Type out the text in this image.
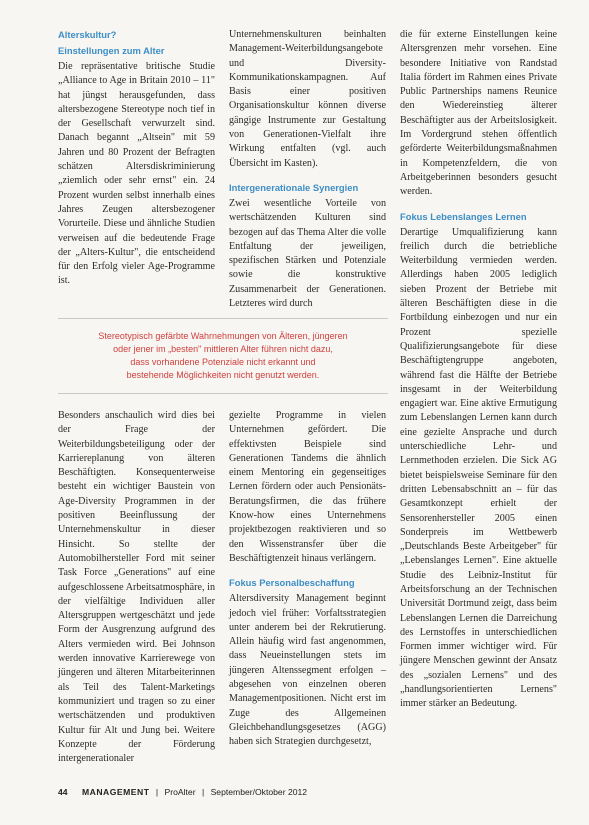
Alterskultur?
Einstellungen zum Alter

Die repräsentative britische Studie „Alliance to Age in Britain 2010 – 11" hat jüngst herausgefunden, dass altersbezogene Stereotype noch tief in der Gesellschaft verwurzelt sind. Danach begannt „Altsein" mit 59 Jahren und 80 Prozent der Befragten schätzen Altersdiskriminierung „ziemlich oder sehr ernst" ein. 24 Prozent wurden selbst innerhalb eines Jahres Zeugen altersbezogener Vorurteile. Diese und ähnliche Studien verweisen auf die bedeutende Frage der „Alters-Kultur", die entscheidend für den Erfolg vieler Age-Programme ist.

Unternehmenskulturen beinhalten Management-Weiterbildungsangebote und Diversity-Kommunikationskampagnen. Auf Basis einer positiven Organisationskultur können diverse gängige Instrumente zur Gestaltung von Generationen-Vielfalt ihre Wirkung entfalten (vgl. auch Übersicht im Kasten).

Intergenerationale Synergien

Zwei wesentliche Vorteile von wertschätzenden Kulturen sind bezogen auf das Thema Alter die volle Entfaltung der jeweiligen, spezifischen Stärken und Potenziale sowie die konstruktive Zusammenarbeit der Generationen. Letzteres wird durch

Stereotypisch gefärbte Wahrnehmungen von Älteren, jüngeren
oder jener im „besten" mittleren Alter führen nicht dazu,
dass vorhandene Potenziale nicht erkannt und
bestehende Möglichkeiten nicht genutzt werden.

Besonders anschaulich wird dies bei der Frage der Weiterbildungsbeteiligung oder der Karriereplanung von älteren Beschäftigten. Konsequenterweise besteht ein wichtiger Baustein von Age-Diversity Programmen in der positiven Beeinflussung der Unternehmenskultur in dieser Hinsicht. So stellte der Automobilhersteller Ford mit seiner Task Force „Generations" auf eine aufgeschlossene Arbeitsatmosphäre, in der vielfältige Individuen aller Altersgruppen wertgeschätzt und jede Form der Ausgrenzung aufgrund des Alters vermieden wird. Bei Johnson werden innovative Karrierewege von jüngeren und älteren Mitarbeiterinnen als Teil des Talent-Marketings kommuniziert und tragen so zu einer wertschätzenden und produktiven Kultur für Alt und Jung bei. Weitere Konzepte der Förderung intergenerationaler

gezielte Programme in vielen Unternehmen gefördert. Die effektivsten Beispiele sind Generationen Tandems die ähnlich einem Mentoring ein gegenseitiges Lernen fördern oder auch Pensionäts-Beratungsfirmen, die das frühere Know-how eines Unternehmens projektbezogen reaktivieren und so den Wissenstransfer über die Beschäftigtenzeit hinaus verlängern.

Fokus Personalbeschaffung

Altersdiversity Management beginnt jedoch viel früher: Vorfaltsstrategien unter anderem bei der Rekrutierung. Allein häufig wird fast angenommen, dass Neueinstellungen stets im jüngeren Altenssegment erfolgen – abgesehen von einzelnen oberen Managementpositionen. Nicht erst im Zuge des Allgemeinen Gleichbehandlungsgesetzes (AGG) haben sich Strategien durchgesetzt,

die für externe Einstellungen keine Altersgrenzen mehr vorsehen. Eine besondere Initiative von Randstad Italia fördert im Rahmen eines Private Public Partnerships namens Reunice den Wiedereinstieg älterer Beschäftigter aus der Arbeitslosigkeit. Im Vordergrund stehen öffentlich geförderte Weiterbildungsmaßnahmen in Kompetenzfeldern, die von Arbeitgeberinnen besonders gesucht werden.

Fokus Lebenslanges Lernen

Derartige Umqualifizierung kann freilich durch die betriebliche Weiterbildung vermieden werden. Allerdings haben 2005 lediglich sieben Prozent der Betriebe mit älteren Beschäftigten diese in die Fortbildung einbezogen und nur ein Prozent spezielle Qualifizierungsangebote für diese Beschäftigtengruppe angeboten, während fast die Hälfte der Betriebe insgesamt in der Weiterbildung engagiert war. Eine aktive Ermutigung zum Lebenslangen Lernen kann durch eine gezielte Ansprache und durch unterschiedliche Lehr- und Lernmethoden erzielen. Die Sick AG bietet beispielsweise Seminare für den dritten Lebensabschnitt an – für das Gesamtkonzept erhielt der Sensorenhersteller 2005 einen Sonderpreis im Wettbewerb „Deutschlands Beste Arbeitgeber" für „Lebenslanges Lernen". Eine aktuelle Studie des Leibniz-Institut für Arbeitsforschung an der Technischen Universität Dortmund zeigt, dass beim Lebenslangen Lernen die Darreichung des Lernstoffes in unterschiedlichen Formen immer wichtiger wird. Für jüngere Menschen gewinnt der Ansatz des „sozialen Lernens" und des „handlungsorientierten Lernens" immer stärker an Bedeutung.

44 MANAGEMENT | ProAlter | September/Oktober 2012
